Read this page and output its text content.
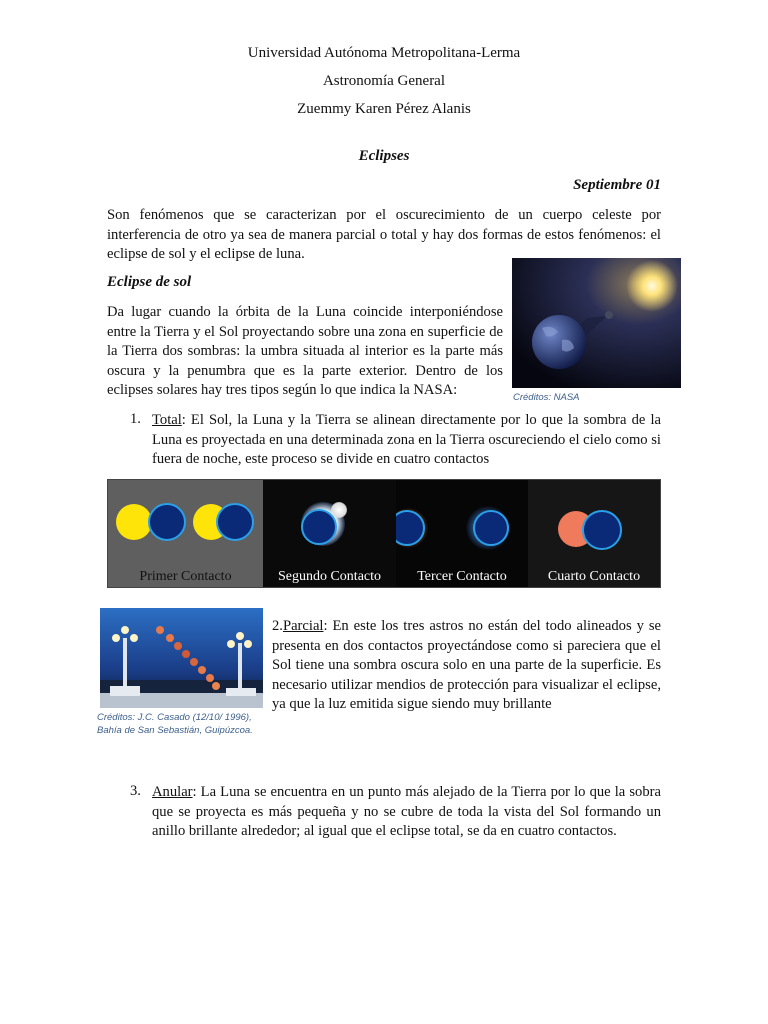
Universidad Autónoma Metropolitana-Lerma
Astronomía General
Zuemmy Karen Pérez Alanis
Eclipses
Septiembre 01
Son fenómenos que se caracterizan por el oscurecimiento de un cuerpo celeste por interferencia de otro ya sea de manera parcial o total y hay dos formas de estos fenómenos: el eclipse de sol y el eclipse de luna.
Eclipse de sol
Da lugar cuando la órbita de la Luna coincide interponiéndose entre la Tierra y el Sol proyectando sobre una zona en superficie de la Tierra dos sombras: la umbra situada al interior es la parte más oscura y la penumbra que es la parte exterior. Dentro de los eclipses solares hay tres tipos según lo que indica la NASA:	Créditos: NASA
1. Total: El Sol, la Luna y la Tierra se alinean directamente por lo que la sombra de la Luna es proyectada en una determinada zona en la Tierra oscureciendo el cielo como si fuera de noche, este proceso se divide en cuatro contactos
Primer Contacto	Segundo Contacto	Tercer Contacto	Cuarto Contacto
Créditos: J.C. Casado (12/10/ 1996), Bahía de San Sebastián, Guipúzcoa.
2.Parcial: En este los tres astros no están del todo alineados y se presenta en dos contactos proyectándose como si pareciera que el Sol tiene una sombra oscura solo en una parte de la superficie. Es necesario utilizar mendios de protección para visualizar el eclipse, ya que la luz emitida sigue siendo muy brillante
3. Anular: La Luna se encuentra en un punto más alejado de la Tierra por lo que la sobra que se proyecta es más pequeña y no se cubre de toda la vista del Sol formando un anillo brillante alrededor; al igual que el eclipse total, se da en cuatro contactos.
